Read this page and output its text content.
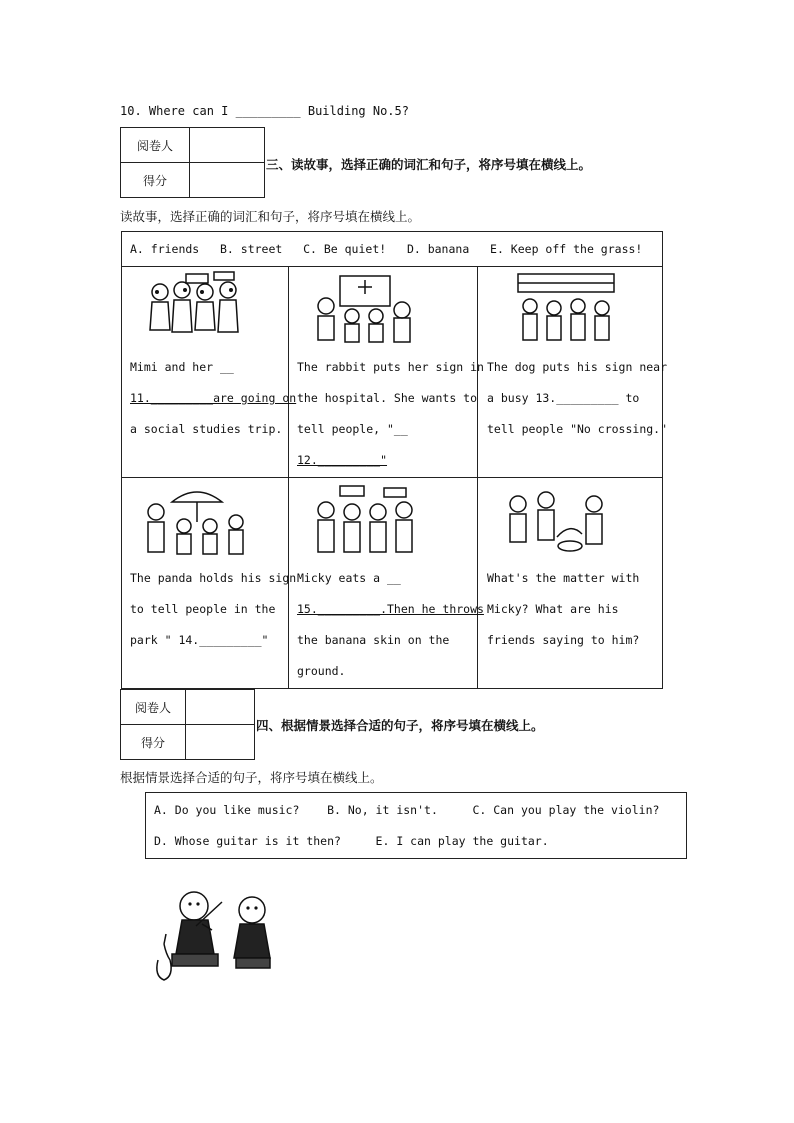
10. Where can I _________ Building No.5?
阅卷人	
得分	
三、读故事，选择正确的词汇和句子，将序号填在横线上。
读故事，选择正确的词汇和句子，将序号填在横线上。
A. friends   B. street   C. Be quiet!   D. banana   E. Keep off the grass!
Mimi and her __
11._________are going on
a social studies trip.
The rabbit puts her sign in
the hospital. She wants to
tell people, "__
12._________"
The dog puts his sign near
a busy 13._________ to
tell people "No crossing."
The panda holds his sign
to tell people in the
park " 14._________"
Micky eats a __
15._________.Then he throws
the banana skin on the
ground.
What's the matter with
Micky? What are his
friends saying to him?
阅卷人	
得分	
四、根据情景选择合适的句子，将序号填在横线上。
根据情景选择合适的句子，将序号填在横线上。
A. Do you like music?    B. No, it isn't.     C. Can you play the violin?
D. Whose guitar is it then?     E. I can play the guitar.
